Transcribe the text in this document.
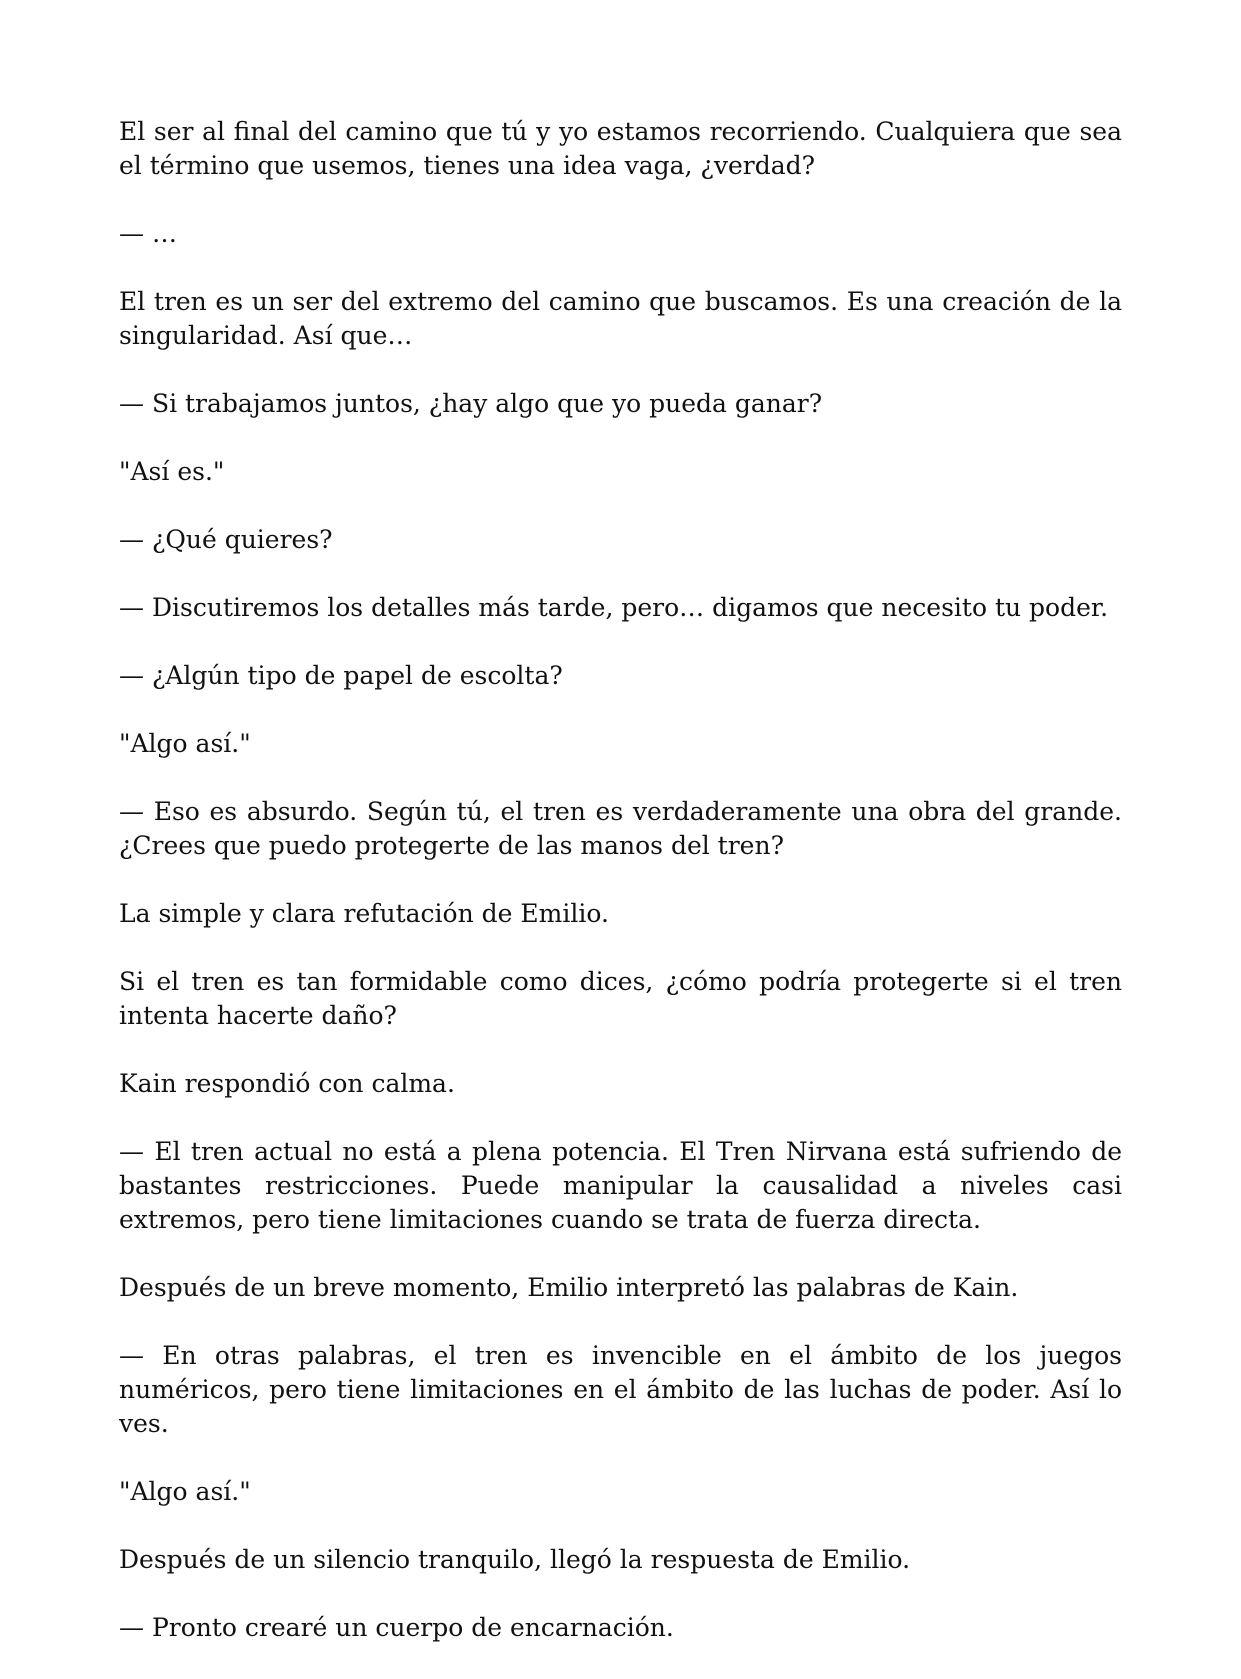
El ser al final del camino que tú y yo estamos recorriendo. Cualquiera que sea el término que usemos, tienes una idea vaga, ¿verdad?

— …

El tren es un ser del extremo del camino que buscamos. Es una creación de la singularidad. Así que…

— Si trabajamos juntos, ¿hay algo que yo pueda ganar?

"Así es."

— ¿Qué quieres?

— Discutiremos los detalles más tarde, pero… digamos que necesito tu poder.

— ¿Algún tipo de papel de escolta?

"Algo así."

— Eso es absurdo. Según tú, el tren es verdaderamente una obra del grande. ¿Crees que puedo protegerte de las manos del tren?

La simple y clara refutación de Emilio.

Si el tren es tan formidable como dices, ¿cómo podría protegerte si el tren intenta hacerte daño?

Kain respondió con calma.

— El tren actual no está a plena potencia. El Tren Nirvana está sufriendo de bastantes restricciones. Puede manipular la causalidad a niveles casi extremos, pero tiene limitaciones cuando se trata de fuerza directa.

Después de un breve momento, Emilio interpretó las palabras de Kain.

— En otras palabras, el tren es invencible en el ámbito de los juegos numéricos, pero tiene limitaciones en el ámbito de las luchas de poder. Así lo ves.

"Algo así."

Después de un silencio tranquilo, llegó la respuesta de Emilio.

— Pronto crearé un cuerpo de encarnación.
